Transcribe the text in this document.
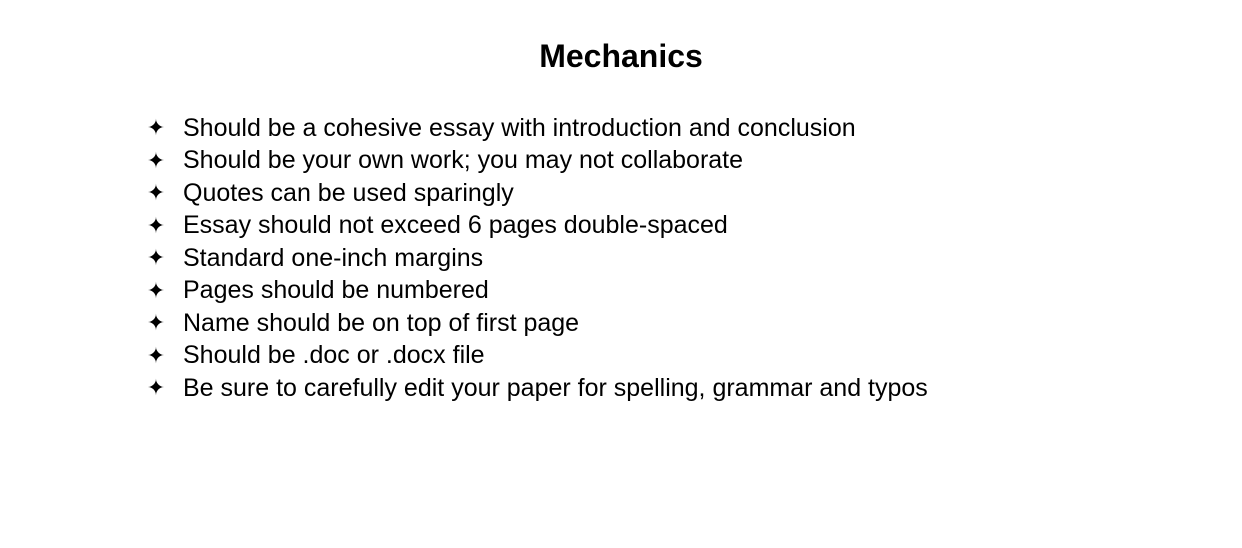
Mechanics
✦ Should be a cohesive essay with introduction and conclusion
✦ Should be your own work; you may not collaborate
✦ Quotes can be used sparingly
✦ Essay should not exceed 6 pages double-spaced
✦ Standard one-inch margins
✦ Pages should be numbered
✦ Name should be on top of first page
✦ Should be .doc or .docx file
✦ Be sure to carefully edit your paper for spelling, grammar and typos
